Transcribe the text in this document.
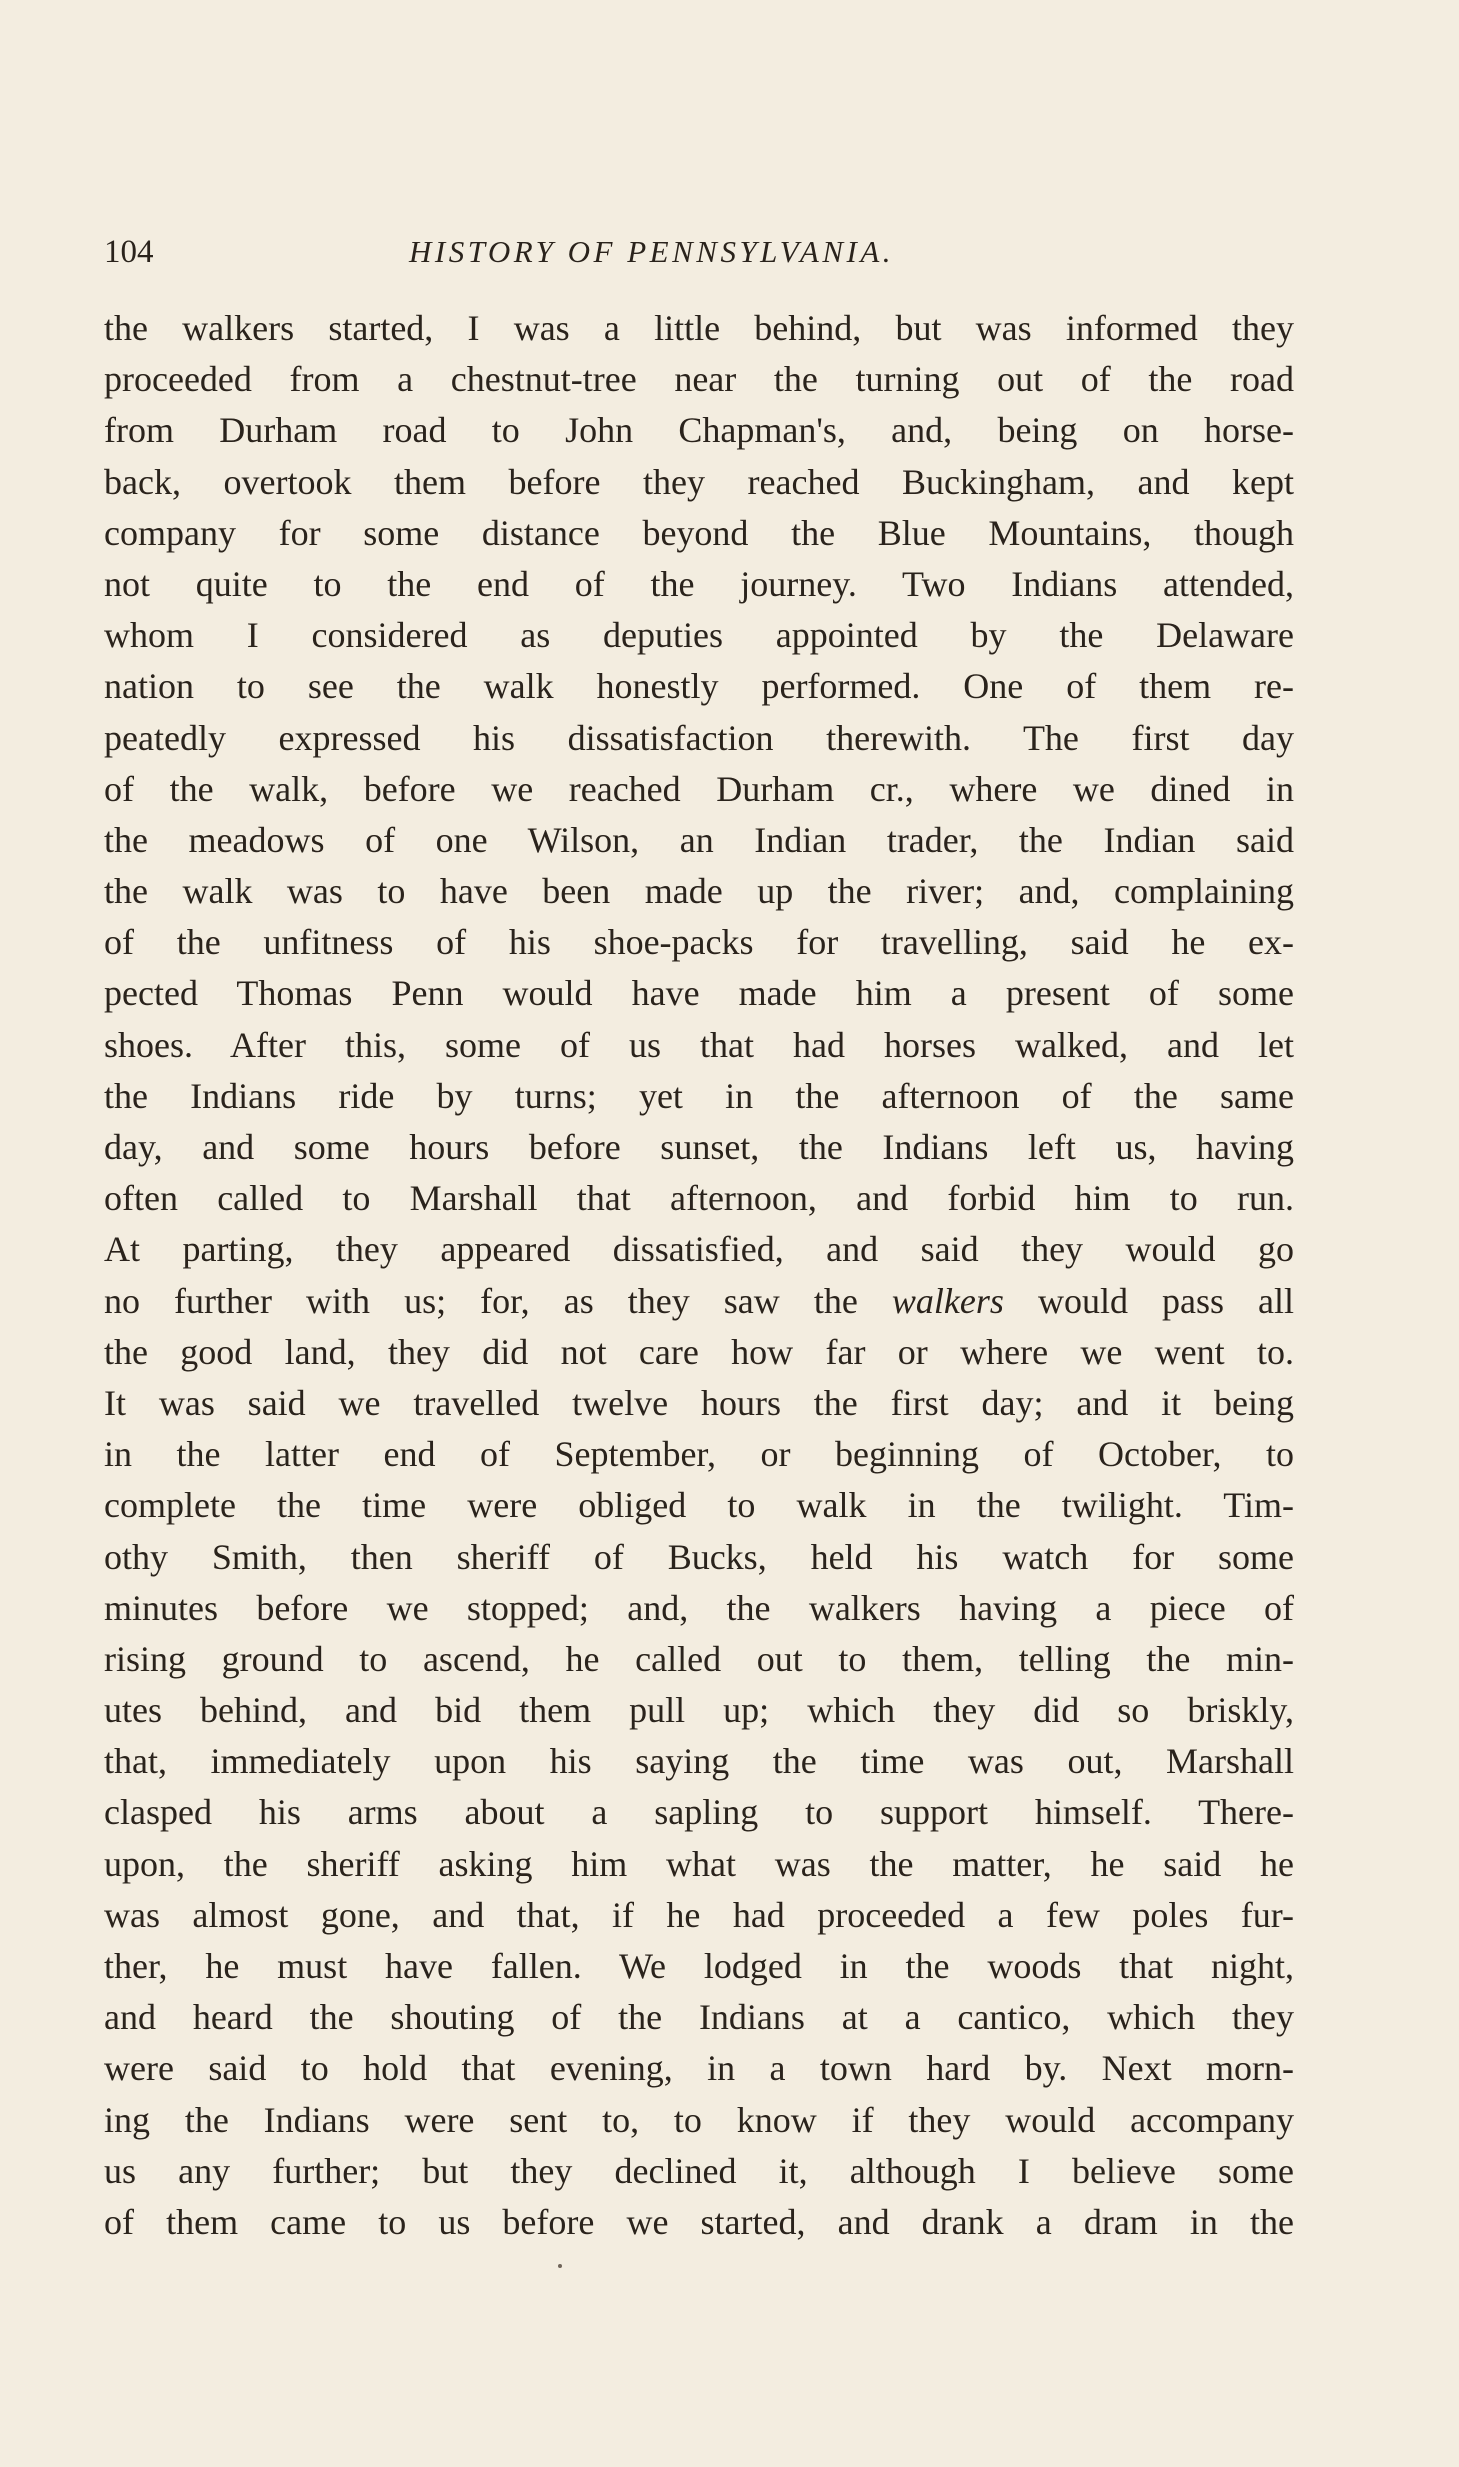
104	HISTORY OF PENNSYLVANIA.
the walkers started, I was a little behind, but was informed they
proceeded from a chestnut-tree near the turning out of the road
from Durham road to John Chapman's, and, being on horse-
back, overtook them before they reached Buckingham, and kept
company for some distance beyond the Blue Mountains, though
not quite to the end of the journey. Two Indians attended,
whom I considered as deputies appointed by the Delaware
nation to see the walk honestly performed. One of them re-
peatedly expressed his dissatisfaction therewith. The first day
of the walk, before we reached Durham cr., where we dined in
the meadows of one Wilson, an Indian trader, the Indian said
the walk was to have been made up the river; and, complaining
of the unfitness of his shoe-packs for travelling, said he ex-
pected Thomas Penn would have made him a present of some
shoes. After this, some of us that had horses walked, and let
the Indians ride by turns; yet in the afternoon of the same
day, and some hours before sunset, the Indians left us, having
often called to Marshall that afternoon, and forbid him to run.
At parting, they appeared dissatisfied, and said they would go
no further with us; for, as they saw the walkers would pass all
the good land, they did not care how far or where we went to.
It was said we travelled twelve hours the first day; and it being
in the latter end of September, or beginning of October, to
complete the time were obliged to walk in the twilight. Tim-
othy Smith, then sheriff of Bucks, held his watch for some
minutes before we stopped; and, the walkers having a piece of
rising ground to ascend, he called out to them, telling the min-
utes behind, and bid them pull up; which they did so briskly,
that, immediately upon his saying the time was out, Marshall
clasped his arms about a sapling to support himself. There-
upon, the sheriff asking him what was the matter, he said he
was almost gone, and that, if he had proceeded a few poles fur-
ther, he must have fallen. We lodged in the woods that night,
and heard the shouting of the Indians at a cantico, which they
were said to hold that evening, in a town hard by. Next morn-
ing the Indians were sent to, to know if they would accompany
us any further; but they declined it, although I believe some
of them came to us before we started, and drank a dram in the
